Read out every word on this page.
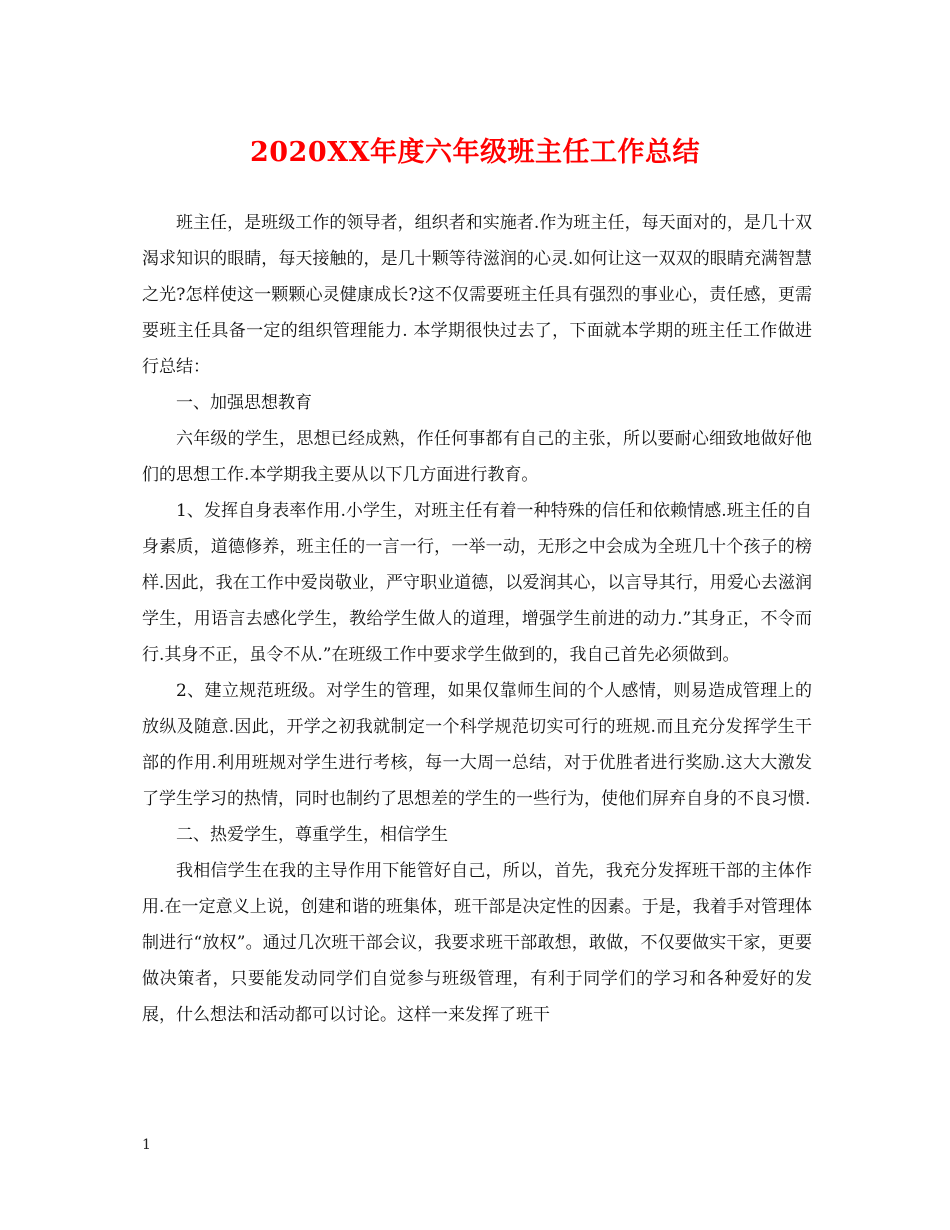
2020XX年度六年级班主任工作总结

班主任，是班级工作的领导者，组织者和实施者.作为班主任，每天面对的，是几十双渴求知识的眼睛，每天接触的，是几十颗等待滋润的心灵.如何让这一双双的眼睛充满智慧之光?怎样使这一颗颗心灵健康成长?这不仅需要班主任具有强烈的事业心，责任感，更需要班主任具备一定的组织管理能力. 本学期很快过去了，下面就本学期的班主任工作做进行总结：

一、加强思想教育

六年级的学生，思想已经成熟，作任何事都有自己的主张，所以要耐心细致地做好他们的思想工作.本学期我主要从以下几方面进行教育。

1、发挥自身表率作用.小学生，对班主任有着一种特殊的信任和依赖情感.班主任的自身素质，道德修养，班主任的一言一行，一举一动，无形之中会成为全班几十个孩子的榜样.因此，我在工作中爱岗敬业，严守职业道德，以爱润其心，以言导其行，用爱心去滋润学生，用语言去感化学生，教给学生做人的道理，增强学生前进的动力.”其身正，不令而行.其身不正，虽令不从.”在班级工作中要求学生做到的，我自己首先必须做到。

2、建立规范班级。对学生的管理，如果仅靠师生间的个人感情，则易造成管理上的放纵及随意.因此，开学之初我就制定一个科学规范切实可行的班规.而且充分发挥学生干部的作用.利用班规对学生进行考核，每一大周一总结，对于优胜者进行奖励.这大大激发了学生学习的热情，同时也制约了思想差的学生的一些行为，使他们屏弃自身的不良习惯.

二、热爱学生，尊重学生，相信学生

我相信学生在我的主导作用下能管好自己，所以，首先，我充分发挥班干部的主体作用.在一定意义上说，创建和谐的班集体，班干部是决定性的因素。于是，我着手对管理体制进行“放权”。通过几次班干部会议，我要求班干部敢想，敢做，不仅要做实干家，更要做决策者，只要能发动同学们自觉参与班级管理，有利于同学们的学习和各种爱好的发展，什么想法和活动都可以讨论。这样一来发挥了班干

1
